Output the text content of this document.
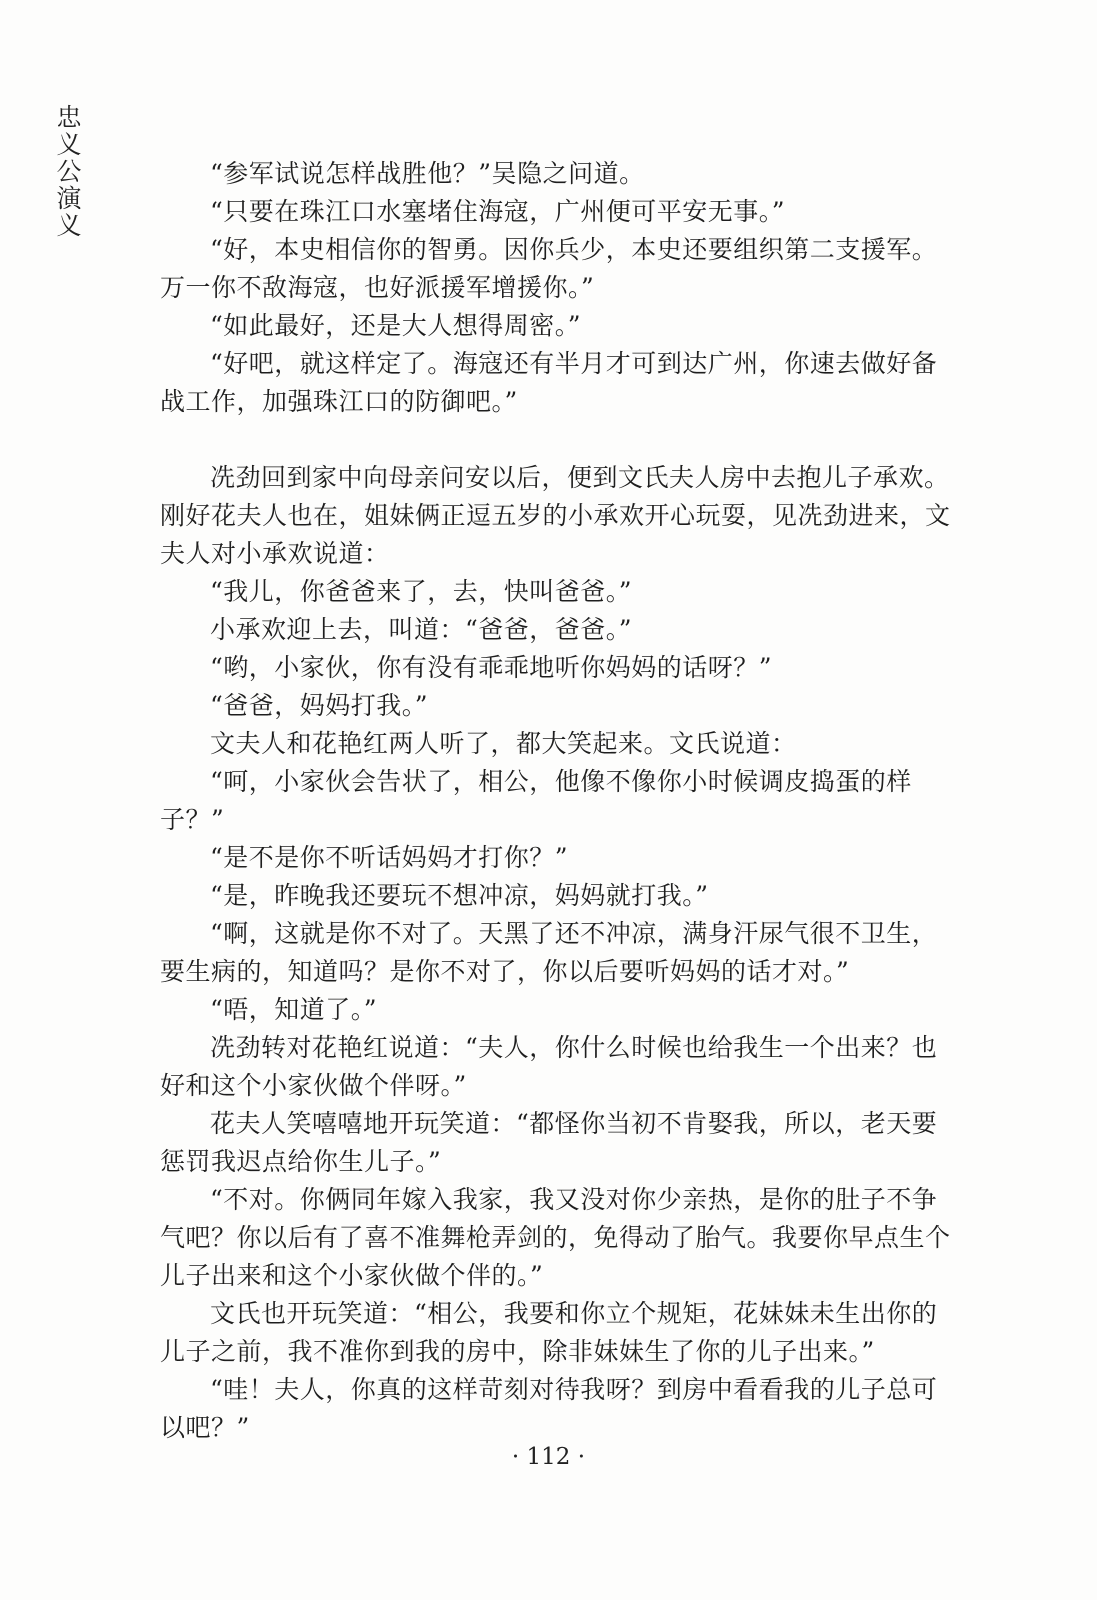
忠义公演义

“参军试说怎样战胜他？”吴隐之问道。

“只要在珠江口水塞堵住海寇，广州便可平安无事。”

“好，本史相信你的智勇。因你兵少，本史还要组织第二支援军。万一你不敌海寇，也好派援军增援你。”

“如此最好，还是大人想得周密。”

“好吧，就这样定了。海寇还有半月才可到达广州，你速去做好备战工作，加强珠江口的防御吧。”

冼劲回到家中向母亲问安以后，便到文氏夫人房中去抱儿子承欢。刚好花夫人也在，姐妹俩正逗五岁的小承欢开心玩耍，见冼劲进来，文夫人对小承欢说道：

“我儿，你爸爸来了，去，快叫爸爸。”

小承欢迎上去，叫道：“爸爸，爸爸。”

“哟，小家伙，你有没有乖乖地听你妈妈的话呀？”

“爸爸，妈妈打我。”

文夫人和花艳红两人听了，都大笑起来。文氏说道：

“呵，小家伙会告状了，相公，他像不像你小时候调皮捣蛋的样子？”

“是不是你不听话妈妈才打你？”

“是，昨晚我还要玩不想冲凉，妈妈就打我。”

“啊，这就是你不对了。天黑了还不冲凉，满身汗尿气很不卫生，要生病的，知道吗？是你不对了，你以后要听妈妈的话才对。”

“唔，知道了。”

冼劲转对花艳红说道：“夫人，你什么时候也给我生一个出来？也好和这个小家伙做个伴呀。”

花夫人笑嘻嘻地开玩笑道：“都怪你当初不肯娶我，所以，老天要惩罚我迟点给你生儿子。”

“不对。你俩同年嫁入我家，我又没对你少亲热，是你的肚子不争气吧？你以后有了喜不准舞枪弄剑的，免得动了胎气。我要你早点生个儿子出来和这个小家伙做个伴的。”

文氏也开玩笑道：“相公，我要和你立个规矩，花妹妹未生出你的儿子之前，我不准你到我的房中，除非妹妹生了你的儿子出来。”

“哇！夫人，你真的这样苛刻对待我呀？到房中看看我的儿子总可以吧？”

· 112 ·
